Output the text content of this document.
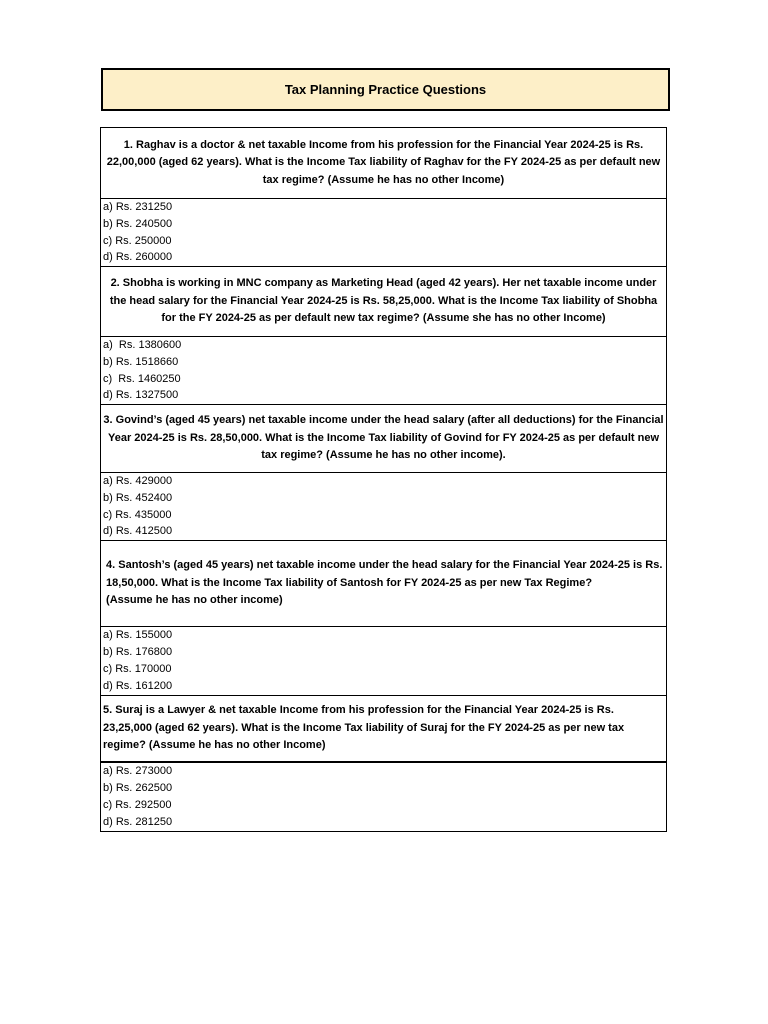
Tax Planning Practice Questions
1. Raghav is a doctor & net taxable Income from his profession for the Financial Year 2024-25 is Rs. 22,00,000 (aged 62 years). What is the Income Tax liability of Raghav for the FY 2024-25 as per default new tax regime? (Assume he has no other Income)
a) Rs. 231250
b) Rs. 240500
c) Rs. 250000
d) Rs. 260000
2. Shobha is working in MNC company as Marketing Head (aged 42 years). Her net taxable income under the head salary for the Financial Year 2024-25 is Rs. 58,25,000. What is the Income Tax liability of Shobha for the FY 2024-25 as per default new tax regime? (Assume she has no other Income)
a)  Rs. 1380600
b) Rs. 1518660
c)  Rs. 1460250
d) Rs. 1327500
3. Govind’s (aged 45 years) net taxable income under the head salary (after all deductions) for the Financial Year 2024-25 is Rs. 28,50,000. What is the Income Tax liability of Govind for FY 2024-25 as per default new tax regime? (Assume he has no other income).
a) Rs. 429000
b) Rs. 452400
c) Rs. 435000
d) Rs. 412500
4. Santosh’s (aged 45 years) net taxable income under the head salary for the Financial Year 2024-25 is Rs.
18,50,000. What is the Income Tax liability of Santosh for FY 2024-25 as per new Tax Regime?
(Assume he has no other income)
a) Rs. 155000
b) Rs. 176800
c) Rs. 170000
d) Rs. 161200
5. Suraj is a Lawyer & net taxable Income from his profession for the Financial Year 2024-25 is Rs. 23,25,000 (aged 62 years). What is the Income Tax liability of Suraj for the FY 2024-25 as per new tax regime? (Assume he has no other Income)
a) Rs. 273000
b) Rs. 262500
c) Rs. 292500
d) Rs. 281250
